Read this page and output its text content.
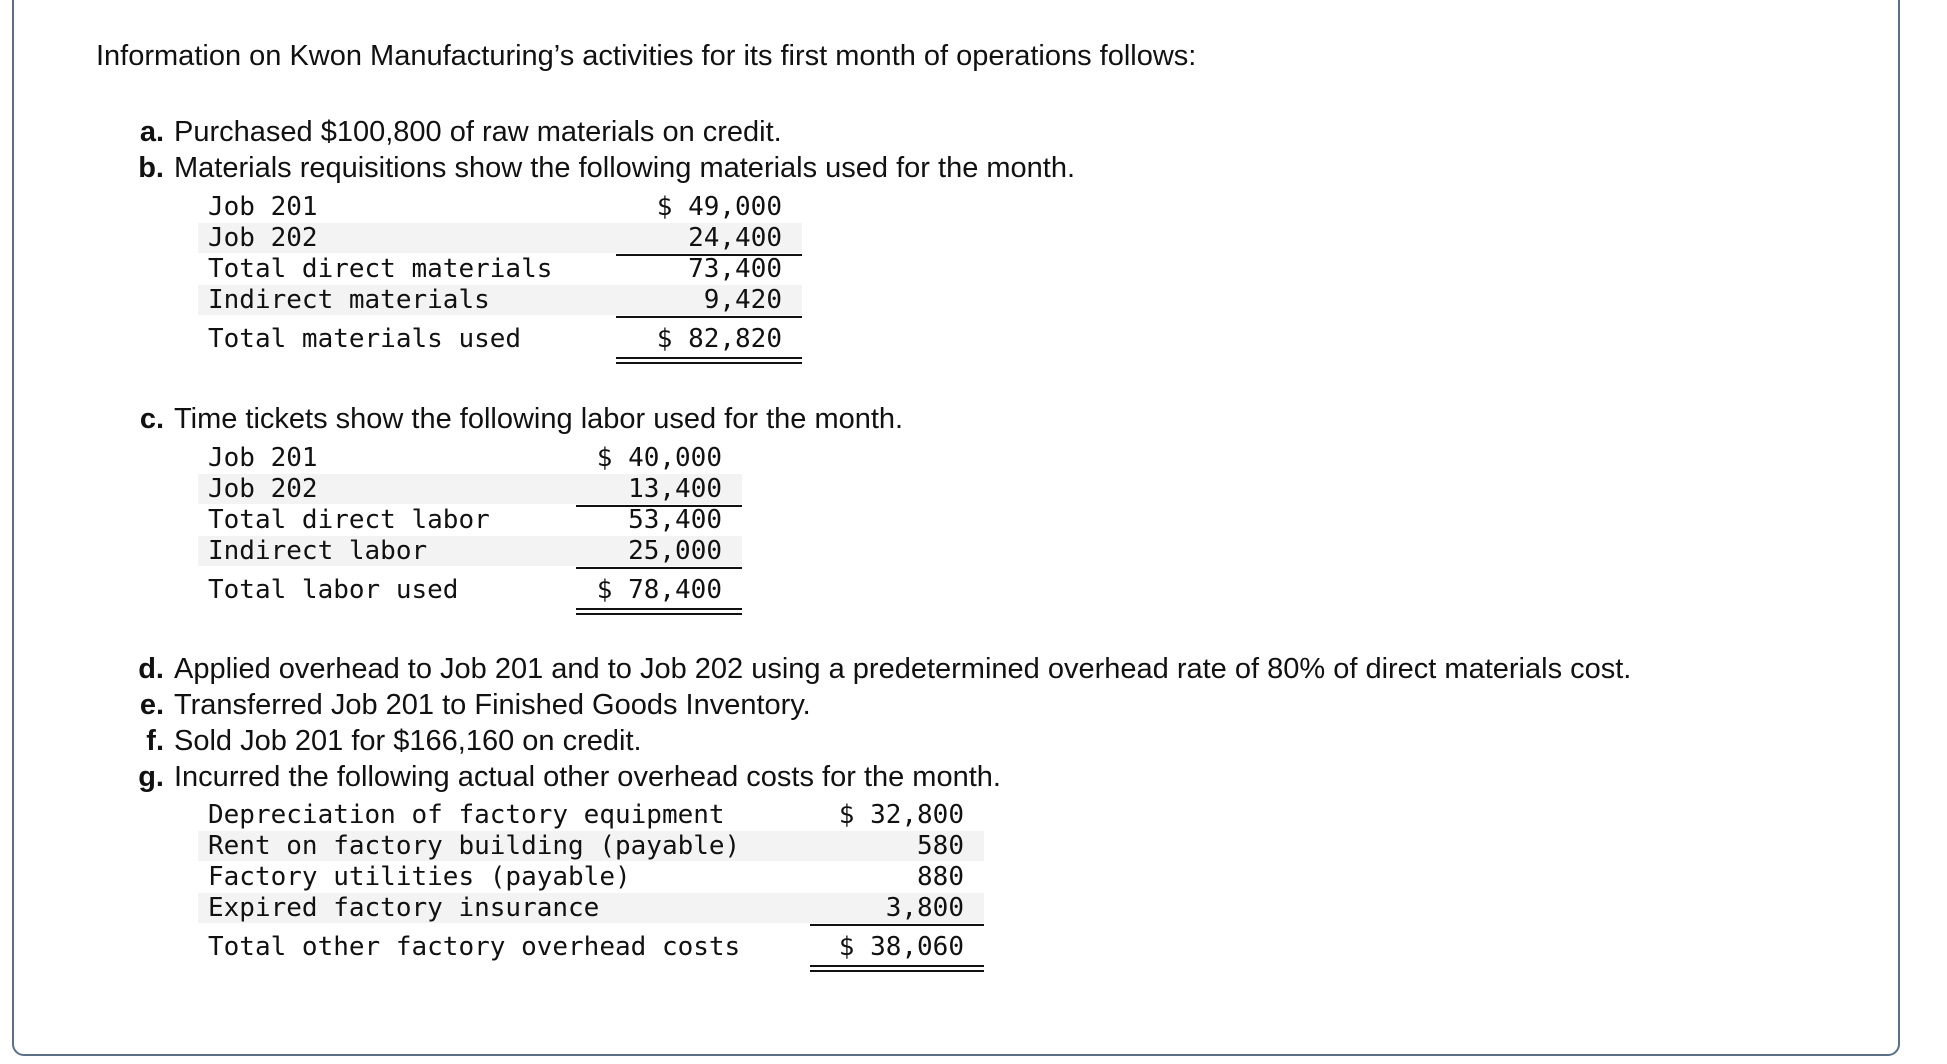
Information on Kwon Manufacturing’s activities for its first month of operations follows:
a. Purchased $100,800 of raw materials on credit.
b. Materials requisitions show the following materials used for the month.
Job 201	$ 49,000
Job 202	24,400
Total direct materials	73,400
Indirect materials	9,420
Total materials used	$ 82,820
c. Time tickets show the following labor used for the month.
Job 201	$ 40,000
Job 202	13,400
Total direct labor	53,400
Indirect labor	25,000
Total labor used	$ 78,400
d. Applied overhead to Job 201 and to Job 202 using a predetermined overhead rate of 80% of direct materials cost.
e. Transferred Job 201 to Finished Goods Inventory.
f. Sold Job 201 for $166,160 on credit.
g. Incurred the following actual other overhead costs for the month.
Depreciation of factory equipment	$ 32,800
Rent on factory building (payable)	580
Factory utilities (payable)	880
Expired factory insurance	3,800
Total other factory overhead costs	$ 38,060
